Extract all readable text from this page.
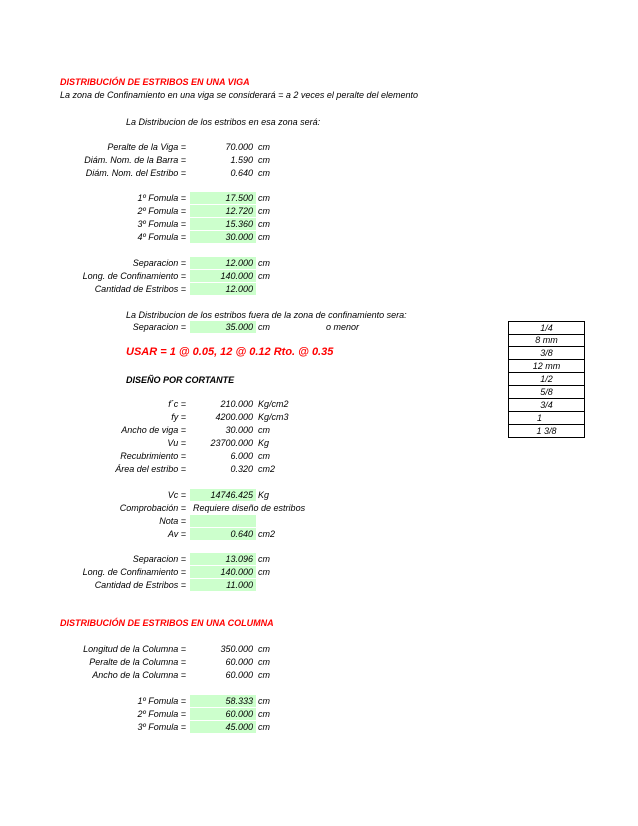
DISTRIBUCIÓN DE ESTRIBOS EN UNA VIGA
La zona de Confinamiento en una viga se considerará = a 2 veces el peralte del elemento
La Distribucion de los estribos en esa zona será:
Peralte de la Viga =	70.000 cm
Diám. Nom. de la Barra =	1.590 cm
Diám. Nom. del Estribo =	0.640 cm
1º Fomula =	17.500 cm
2º Fomula =	12.720 cm
3º Fomula =	15.360 cm
4º Fomula =	30.000 cm
Separacion =	12.000 cm
Long. de Confinamiento =	140.000 cm
Cantidad de Estribos =	12.000
La Distribucion de los estribos fuera de la zona de confinamiento sera:
Separacion =	35.000 cm	o menor
USAR = 1 @ 0.05, 12 @ 0.12 Rto. @ 0.35
DISEÑO POR CORTANTE
f´c =	210.000 Kg/cm2
fy =	4200.000 Kg/cm3
Ancho de viga =	30.000 cm
Vu =	23700.000 Kg
Recubrimiento =	6.000 cm
Área del estribo =	0.320 cm2
Vc =	14746.425 Kg
Comprobación = Requiere diseño de estribos
Nota =
Av =	0.640 cm2
Separacion =	13.096 cm
Long. de Confinamiento =	140.000 cm
Cantidad de Estribos =	11.000
1/4
8 mm
3/8
12 mm
1/2
5/8
3/4
1
1 3/8
DISTRIBUCIÓN DE ESTRIBOS EN UNA COLUMNA
Longitud de la Columna =	350.000 cm
Peralte de la Columna =	60.000 cm
Ancho de la Columna =	60.000 cm
1º Fomula =	58.333 cm
2º Fomula =	60.000 cm
3º Fomula =	45.000 cm
